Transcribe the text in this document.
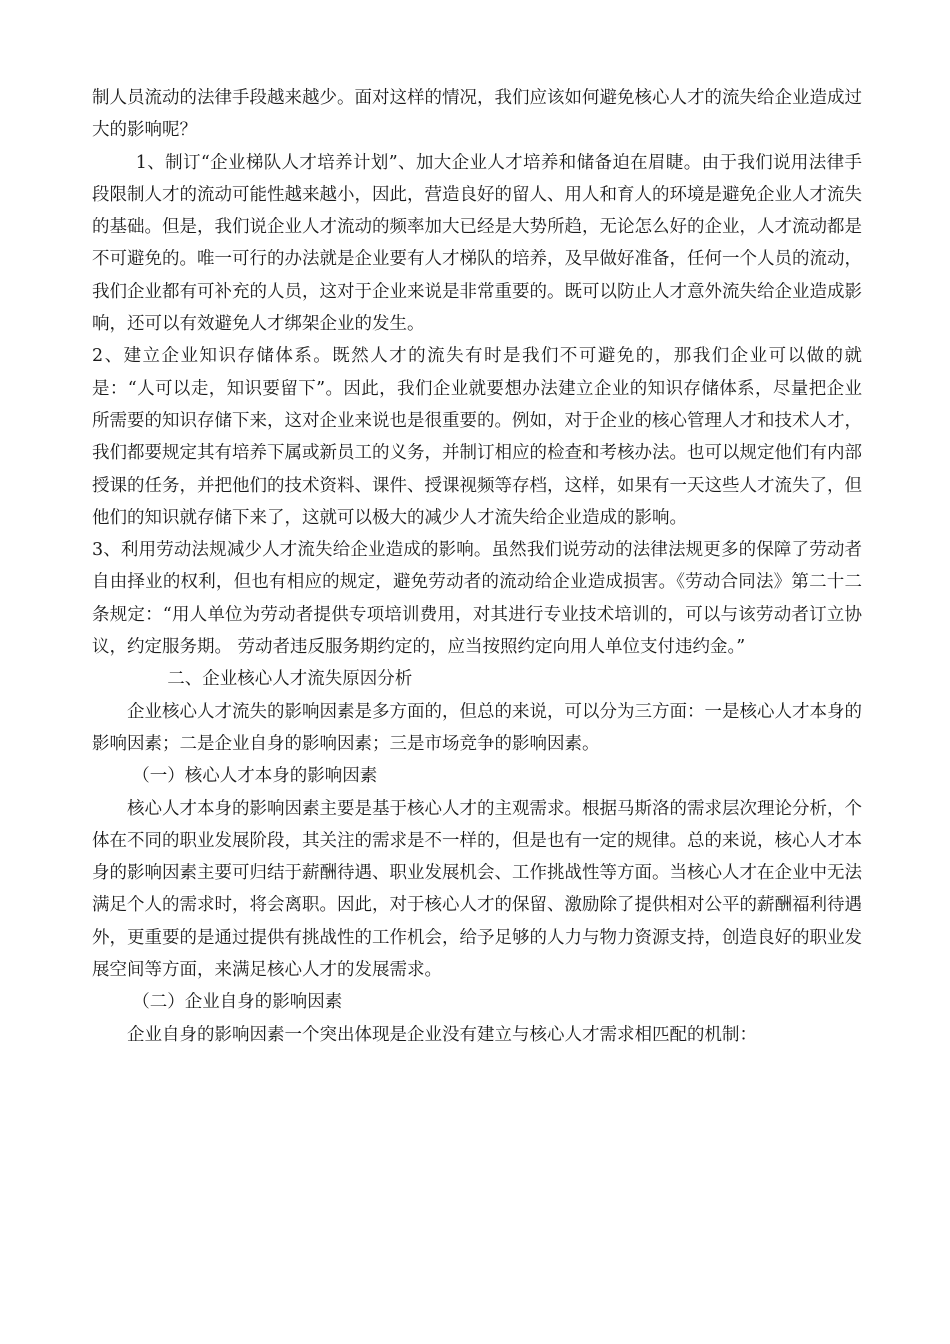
制人员流动的法律手段越来越少。面对这样的情况，我们应该如何避免核心人才的流失给企业造成过大的影响呢？

1、制订“企业梯队人才培养计划”、加大企业人才培养和储备迫在眉睫。由于我们说用法律手段限制人才的流动可能性越来越小，因此，营造良好的留人、用人和育人的环境是避免企业人才流失的基础。但是，我们说企业人才流动的频率加大已经是大势所趋，无论怎么好的企业，人才流动都是不可避免的。唯一可行的办法就是企业要有人才梯队的培养，及早做好准备，任何一个人员的流动，我们企业都有可补充的人员，这对于企业来说是非常重要的。既可以防止人才意外流失给企业造成影响，还可以有效避免人才绑架企业的发生。

2、建立企业知识存储体系。既然人才的流失有时是我们不可避免的，那我们企业可以做的就是：“人可以走，知识要留下”。因此，我们企业就要想办法建立企业的知识存储体系，尽量把企业所需要的知识存储下来，这对企业来说也是很重要的。例如，对于企业的核心管理人才和技术人才，我们都要规定其有培养下属或新员工的义务，并制订相应的检查和考核办法。也可以规定他们有内部授课的任务，并把他们的技术资料、课件、授课视频等存档，这样，如果有一天这些人才流失了，但他们的知识就存储下来了，这就可以极大的减少人才流失给企业造成的影响。

3、利用劳动法规减少人才流失给企业造成的影响。虽然我们说劳动的法律法规更多的保障了劳动者自由择业的权利，但也有相应的规定，避免劳动者的流动给企业造成损害。《劳动合同法》第二十二条规定：“用人单位为劳动者提供专项培训费用，对其进行专业技术培训的，可以与该劳动者订立协议，约定服务期。 劳动者违反服务期约定的，应当按照约定向用人单位支付违约金。”

二、企业核心人才流失原因分析

企业核心人才流失的影响因素是多方面的，但总的来说，可以分为三方面：一是核心人才本身的影响因素；二是企业自身的影响因素；三是市场竞争的影响因素。

（一）核心人才本身的影响因素

核心人才本身的影响因素主要是基于核心人才的主观需求。根据马斯洛的需求层次理论分析，个体在不同的职业发展阶段，其关注的需求是不一样的，但是也有一定的规律。总的来说，核心人才本身的影响因素主要可归结于薪酬待遇、职业发展机会、工作挑战性等方面。当核心人才在企业中无法满足个人的需求时，将会离职。因此，对于核心人才的保留、激励除了提供相对公平的薪酬福利待遇外，更重要的是通过提供有挑战性的工作机会，给予足够的人力与物力资源支持，创造良好的职业发展空间等方面，来满足核心人才的发展需求。

（二）企业自身的影响因素

企业自身的影响因素一个突出体现是企业没有建立与核心人才需求相匹配的机制：
